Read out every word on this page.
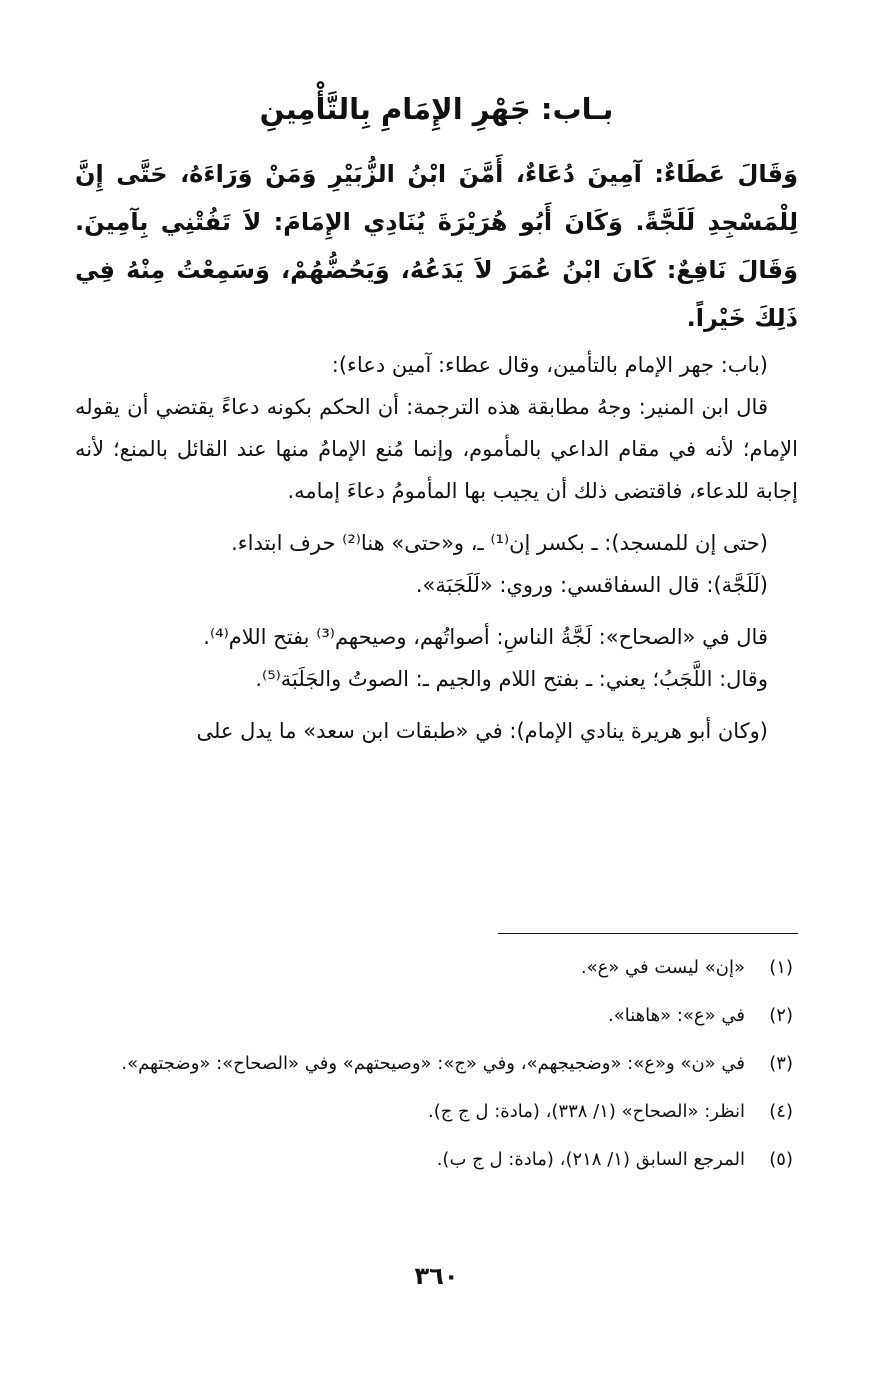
بـاب: جَهْرِ الإِمَامِ بِالتَّأْمِينِ

وَقَالَ عَطَاءٌ: آمِينَ دُعَاءٌ، أَمَّنَ ابْنُ الزُّبَيْرِ وَمَنْ وَرَاءَهُ، حَتَّى إِنَّ لِلْمَسْجِدِ لَلَجَّةً. وَكَانَ أَبُو هُرَيْرَةَ يُنَادِي الإِمَامَ: لاَ تَفُتْنِي بِآمِينَ. وَقَالَ نَافِعٌ: كَانَ ابْنُ عُمَرَ لاَ يَدَعُهُ، وَيَحُضُّهُمْ، وَسَمِعْتُ مِنْهُ فِي ذَلِكَ خَيْراً.

(باب: جهر الإمام بالتأمين، وقال عطاء: آمين دعاء):

قال ابن المنير: وجهُ مطابقة هذه الترجمة: أن الحكم بكونه دعاءً يقتضي أن يقوله الإمام؛ لأنه في مقام الداعي بالمأموم، وإنما مُنع الإمامُ منها عند القائل بالمنع؛ لأنه إجابة للدعاء، فاقتضى ذلك أن يجيب بها المأمومُ دعاءَ إمامه.

(حتى إن للمسجد): ـ بكسر إن⁽¹⁾ ـ، و«حتى» هنا⁽²⁾ حرف ابتداء.

(لَلَجَّة): قال السفاقسي: وروي: «لَلَجَبَة».

قال في «الصحاح»: لَجَّةُ الناسِ: أصواتُهم، وصيحهم⁽³⁾ بفتح اللام⁽⁴⁾.

وقال: اللَّجَبُ؛ يعني: ـ بفتح اللام والجيم ـ: الصوتُ والجَلَبَة⁽⁵⁾.

(وكان أبو هريرة ينادي الإمام): في «طبقات ابن سعد» ما يدل على

(١)
«إن» ليست في «ع».
(٢)
في «ع»: «هاهنا».
(٣)
في «ن» و«ع»: «وضجيجهم»، وفي «ج»: «وصيحتهم» وفي «الصحاح»: «وضجتهم».
(٤)
انظر: «الصحاح» (١/ ٣٣٨)، (مادة: ل ج ج).
(٥)
المرجع السابق (١/ ٢١٨)، (مادة: ل ج ب).
٣٦٠
